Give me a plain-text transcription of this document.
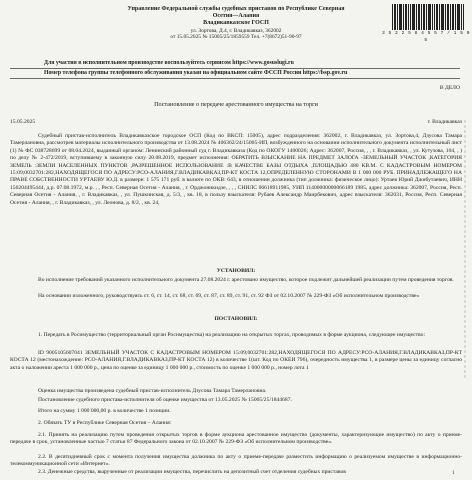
Управление Федеральной службы судебных приставов по Республике Северная
Осетия—Алания
Владикавказское ГОСП
ул. Зортова, Д.4, г. Владикавказ, 362002
от 15.05.2025 № 15005/25/1859559 Тел. +7(8672)51-90-97
3 5 2 2 5 8 4 5 5 7 / 1 5 0 5
Для участия в исполнительном производстве воспользуйтесь сервисом https://www.gosuslugi.ru
Номер телефона группы телефонного обслуживания указан на официальном сайте ФССП России https://fssp.gov.ru
В ДЕЛО
Постановление о передаче арестованного имущества на торги
15.05.2025	г. Владикавказ
Судебный пристав-исполнитель Владикавказское городское ОСП (Код по ВКСП: 15005), адрес подразделения: 362002, г. Владикавказ, ул. Зортова,4, Дзусова Тамара Тамерлановна, рассмотрев материалы исполнительного производства от 13.08.2024 № 406362/24/15005-ИП, возбужденного на основании исполнительного документа исполнительный лист (1) № ФС 038728699 от 08.04.2024, выданный органом: Ленинский районный суд г. Владикавказа (Код по ОКОГУ 1400026; Адрес: 362007, Россия, , , г. Владикавказ, , ул. Кутузова, 104, , ) по делу № 2-472/2019, вступившему в законную силу 20.08.2019, предмет исполнения: ОБРАТИТЬ ВЗЫСКАНИЕ НА ПРЕДМЕТ ЗАЛОГА -ЗЕМЕЛЬНЫЙ УЧАСТОК ,КАТЕГОРИЯ ЗЕМЕЛЬ :ЗЕМЛИ НАСЕЛЕННЫХ ПУНКТОВ ,РАЗРЕШЕННОЕ ИСПОЛЬЗОВАНИЕ :В КАЧЕСТВЕ БАЗЫ ОТДЫХА ,ПЛОЩАДЬЮ 480 КВ.М. С КАДАСТРОВЫМ НОМЕРОМ 15:09;0032701:282,НАХОДЯЩЕГОСЯ ПО АДРЕСУ:РСО-АЛАНИЯ,Г.ВЛАДИКАВКАЗ,ПР-КТ КОСТА 12,ОПРЕДЕЛЕННУЮ СТОРОНАМИ В 1 000 000 РУБ. ПРИНАДЛЕЖАЩЕГО НА ПРАВЕ СОБСТВЕННОСТИ УРТАЕВУ Ю.Д. в размере: 1 575 171 руб. в валюте по ОКВ: 643, в отношении должника (тип должника: физическое лицо): Уртаев Юрий Джибутаевич, ИНН 150204495444, д.р. 07.08.1972, м.р. , , Респ. Северная Осетия - Алания, , г. Орджоникидзе, , , , СНИЛС 06618911985, УИП 11400000000066189 1985, адрес должника: 362007, Россия, Респ. Северная Осетия - Алания, , г. Владикавказ, , ул. Пушкинская, д. 5/3, , кв. 18, в пользу взыскателя: Рубаев Александр Маирбекович, адрес взыскателя: 362031, Россия, Респ. Северная Осетия - Алания, , г. Владикавказ, , ул. Леонова, д. 8/2, , кв. 24,
УСТАНОВИЛ:
Во исполнение требований указанного исполнительного документа 27.08.2024 г. арестовано имущество, которое подлежит дальнейшей реализации путем проведения торгов.
На основании изложенного, руководствуясь ст. 6, ст. 14, ст. 68, ст. 69, ст. 87, ст. 89, ст. 91, ст. 92 ФЗ от 02.10.2007 № 229-ФЗ «Об исполнительном производстве»
ПОСТАНОВИЛ:
1. Передать в Росимущество (территориальный орган Росимущества) на реализацию на открытых торгах, проводимых в форме аукциона, следующее имущество:
ID 9005105607041 ЗЕМЕЛЬНЫЙ УЧАСТОК С КАДАСТРОВЫМ НОМЕРОМ 15:09;0032701:282,НАХОДЯЩЕГОСЯ ПО АДРЕСУ:РСО-АЛАНИЯ,Г.ВЛАДИКАВКАЗ,ПР-КТ КОСТА 12 (местонахождение: РСО-АЛАНИЯ,Г.ВЛАДИКАВКАЗ,ПР-КТ КОСТА 12) в количестве 1(шт. Код по ОКЕИ 796), очередность имущества 1, в размере цены за единицу согласно акта о наложении ареста 1 000 000 р., цена по оценке за единицу 1 000 000 р., стоимость по оценке 1 000 000 р., номер лота 1
Оценка имущества произведена судебный пристав-исполнитель Дзусова Тамара Тамерлановна.
Постановление судебного пристава-исполнителя об оценке имущества от 13.05.2025 № 15005/25/1844687.
Итого на сумму 1 000 000,00 р. в количестве 1 позиции.
2. Обязать ТУ в Республике Северная Осетия – Алания:
2.1. Принять на реализацию путем проведения открытых торгов в форме аукциона арестованное имущество (документы, характеризующие имущество) по акту о приеме-передаче в срок, установленные частью 7 статьи 87 Федерального закона от 02.10.2007 № 229-ФЗ «Об исполнительном производстве».
2.2. В десятидневный срок с момента получения имущества должника по акту о приеме-передаче разместить информацию о реализуемом имуществе в информационно-телекоммуникационной сети «Интернет».
2.3. Денежные средства, вырученные от реализации имущества, перечислить на депозитный счет отделения судебных приставов	1
